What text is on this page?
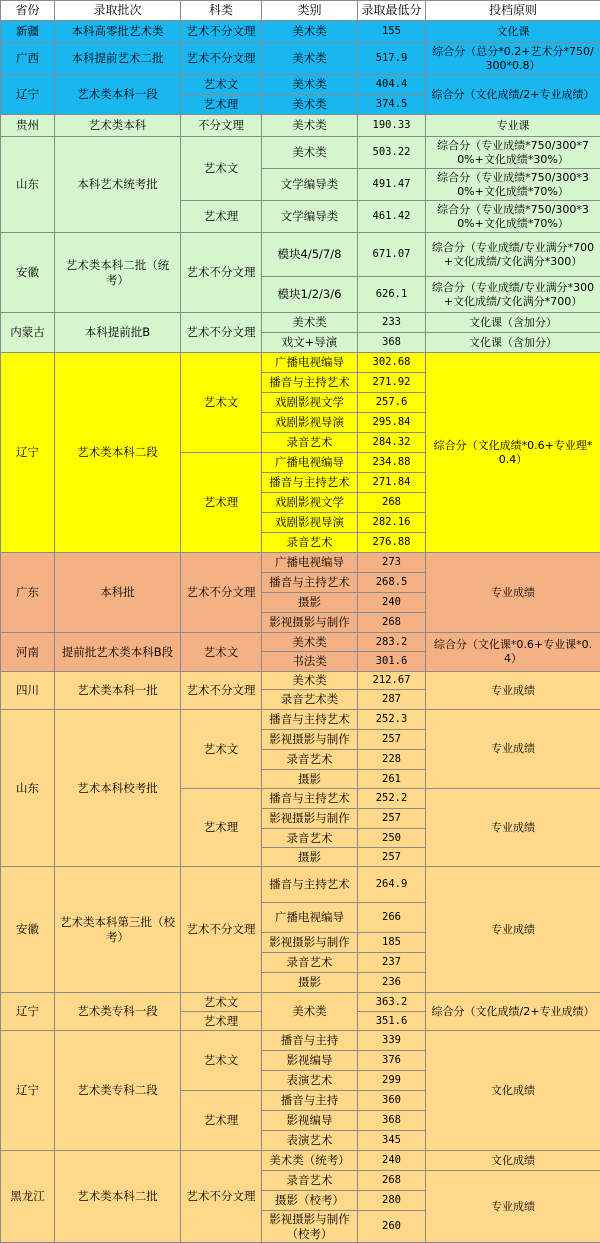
省份	录取批次	科类	类别	录取最低分	投档原则
新疆	本科高零批艺术类	艺术不分文理	美术类	155	文化课
广西	本科提前艺术二批	艺术不分文理	美术类	517.9	综合分（总分*0.2+艺术分*750/300*0.8）
辽宁	艺术类本科一段	艺术文	美术类	404.4	综合分（文化成绩/2+专业成绩）
		艺术理	美术类	374.5	
贵州	艺术类本科	不分文理	美术类	190.33	专业课
山东	本科艺术统考批	艺术文	美术类	503.22	综合分（专业成绩*750/300*70%+文化成绩*30%）
			文学编导类	491.47	综合分（专业成绩*750/300*30%+文化成绩*70%）
		艺术理	文学编导类	461.42	综合分（专业成绩*750/300*30%+文化成绩*70%）
安徽	艺术类本科二批（统考）	艺术不分文理	模块4/5/7/8	671.07	综合分（专业成绩/专业满分*700+文化成绩/文化满分*300）
			模块1/2/3/6	626.1	综合分（专业成绩/专业满分*300+文化成绩/文化满分*700）
内蒙古	本科提前批B	艺术不分文理	美术类	233	文化课（含加分）
			戏文+导演	368	文化课（含加分）
辽宁	艺术类本科二段	艺术文	广播电视编导	302.68	综合分（文化成绩*0.6+专业理*0.4）
			播音与主持艺术	271.92	
			戏剧影视文学	257.6	
			戏剧影视导演	295.84	
			录音艺术	284.32	
		艺术理	广播电视编导	234.88	
			播音与主持艺术	271.84	
			戏剧影视文学	268	
			戏剧影视导演	282.16	
			录音艺术	276.88	
广东	本科批	艺术不分文理	广播电视编导	273	专业成绩
			播音与主持艺术	268.5	
			摄影	240	
			影视摄影与制作	268	
河南	提前批艺术类本科B段	艺术文	美术类	283.2	综合分（文化课*0.6+专业课*0.4）
			书法类	301.6	
四川	艺术类本科一批	艺术不分文理	美术类	212.67	专业成绩
			录音艺术类	287	
山东	艺术本科校考批	艺术文	播音与主持艺术	252.3	专业成绩
			影视摄影与制作	257	
			录音艺术	228	
			摄影	261	
		艺术理	播音与主持艺术	252.2	专业成绩
			影视摄影与制作	257	
			录音艺术	250	
			摄影	257	
安徽	艺术类本科第三批（校考）	艺术不分文理	播音与主持艺术	264.9	专业成绩
			广播电视编导	266	
			影视摄影与制作	185	
			录音艺术	237	
			摄影	236	
辽宁	艺术类专科一段	艺术文	美术类	363.2	综合分（文化成绩/2+专业成绩）
		艺术理		351.6	
辽宁	艺术类专科二段	艺术文	播音与主持	339	文化成绩
			影视编导	376	
			表演艺术	299	
		艺术理	播音与主持	360	
			影视编导	368	
			表演艺术	345	
黑龙江	艺术类本科二批	艺术不分文理	美术类（统考）	240	文化成绩
			录音艺术	268	专业成绩
			摄影（校考）	280	
			影视摄影与制作（校考）	260	
